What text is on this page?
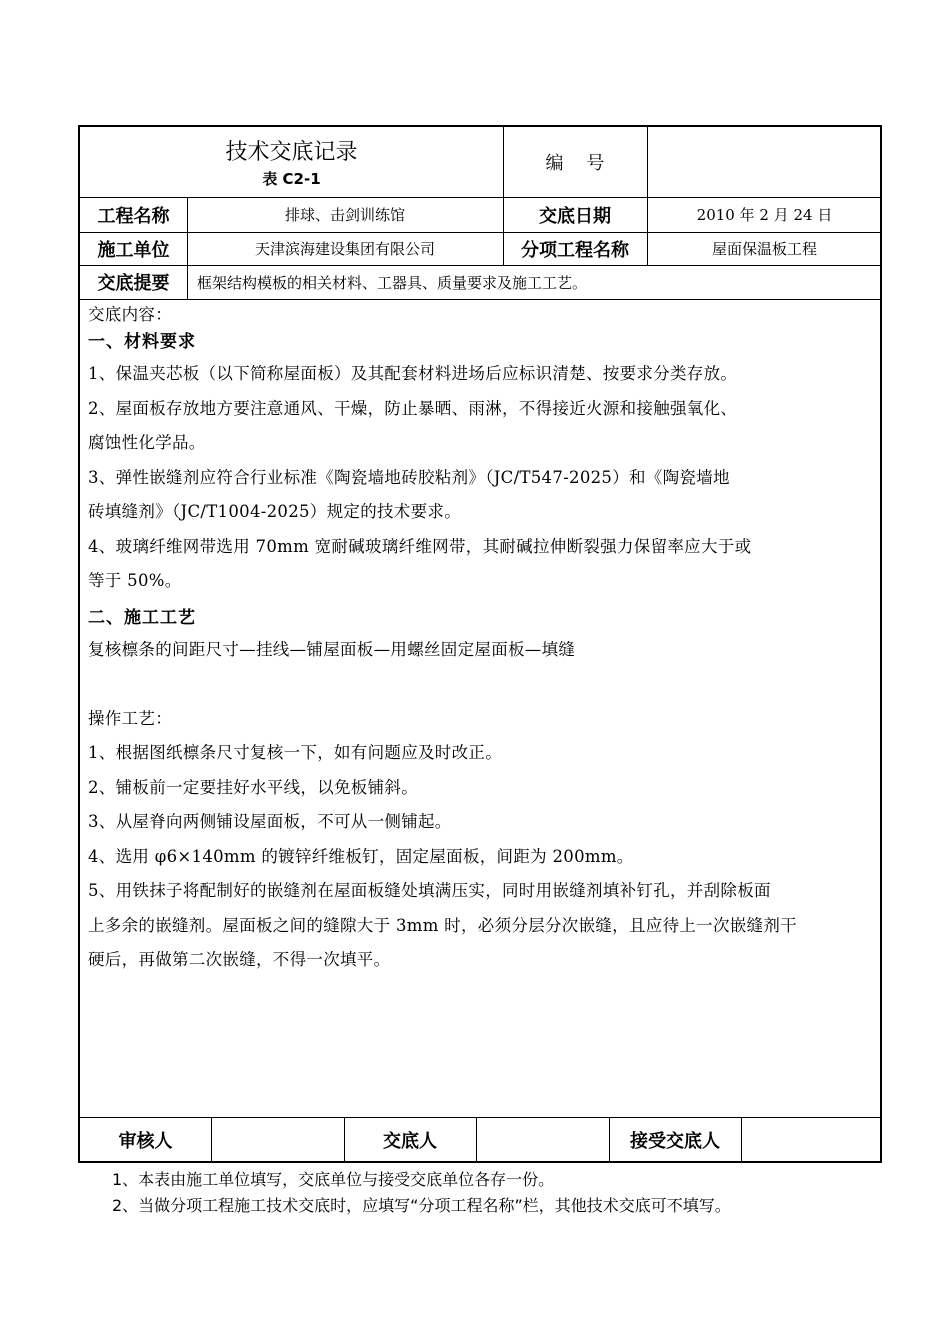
技术交底记录
表 C2-1
编    号
工程名称	排球、击剑训练馆	交底日期	2010 年 2 月 24 日
施工单位	天津滨海建设集团有限公司	分项工程名称	屋面保温板工程
交底提要	框架结构模板的相关材料、工器具、质量要求及施工工艺。
交底内容：
一、材料要求
1、保温夹芯板（以下简称屋面板）及其配套材料进场后应标识清楚、按要求分类存放。
2、屋面板存放地方要注意通风、干燥，防止暴晒、雨淋，不得接近火源和接触强氧化、
腐蚀性化学品。
3、弹性嵌缝剂应符合行业标准《陶瓷墙地砖胶粘剂》（JC/T547-2025）和《陶瓷墙地
砖填缝剂》（JC/T1004-2025）规定的技术要求。
4、玻璃纤维网带选用 70mm 宽耐碱玻璃纤维网带，其耐碱拉伸断裂强力保留率应大于或
等于 50%。
二、施工工艺
复核檩条的间距尺寸—挂线—铺屋面板—用螺丝固定屋面板—填缝
操作工艺：
1、根据图纸檩条尺寸复核一下，如有问题应及时改正。
2、铺板前一定要挂好水平线，以免板铺斜。
3、从屋脊向两侧铺设屋面板，不可从一侧铺起。
4、选用 φ6×140mm 的镀锌纤维板钉，固定屋面板，间距为 200mm。
5、用铁抹子将配制好的嵌缝剂在屋面板缝处填满压实，同时用嵌缝剂填补钉孔，并刮除板面
上多余的嵌缝剂。屋面板之间的缝隙大于 3mm 时，必须分层分次嵌缝，且应待上一次嵌缝剂干
硬后，再做第二次嵌缝，不得一次填平。
审核人	交底人	接受交底人
1、本表由施工单位填写，交底单位与接受交底单位各存一份。
2、当做分项工程施工技术交底时，应填写“分项工程名称”栏，其他技术交底可不填写。
